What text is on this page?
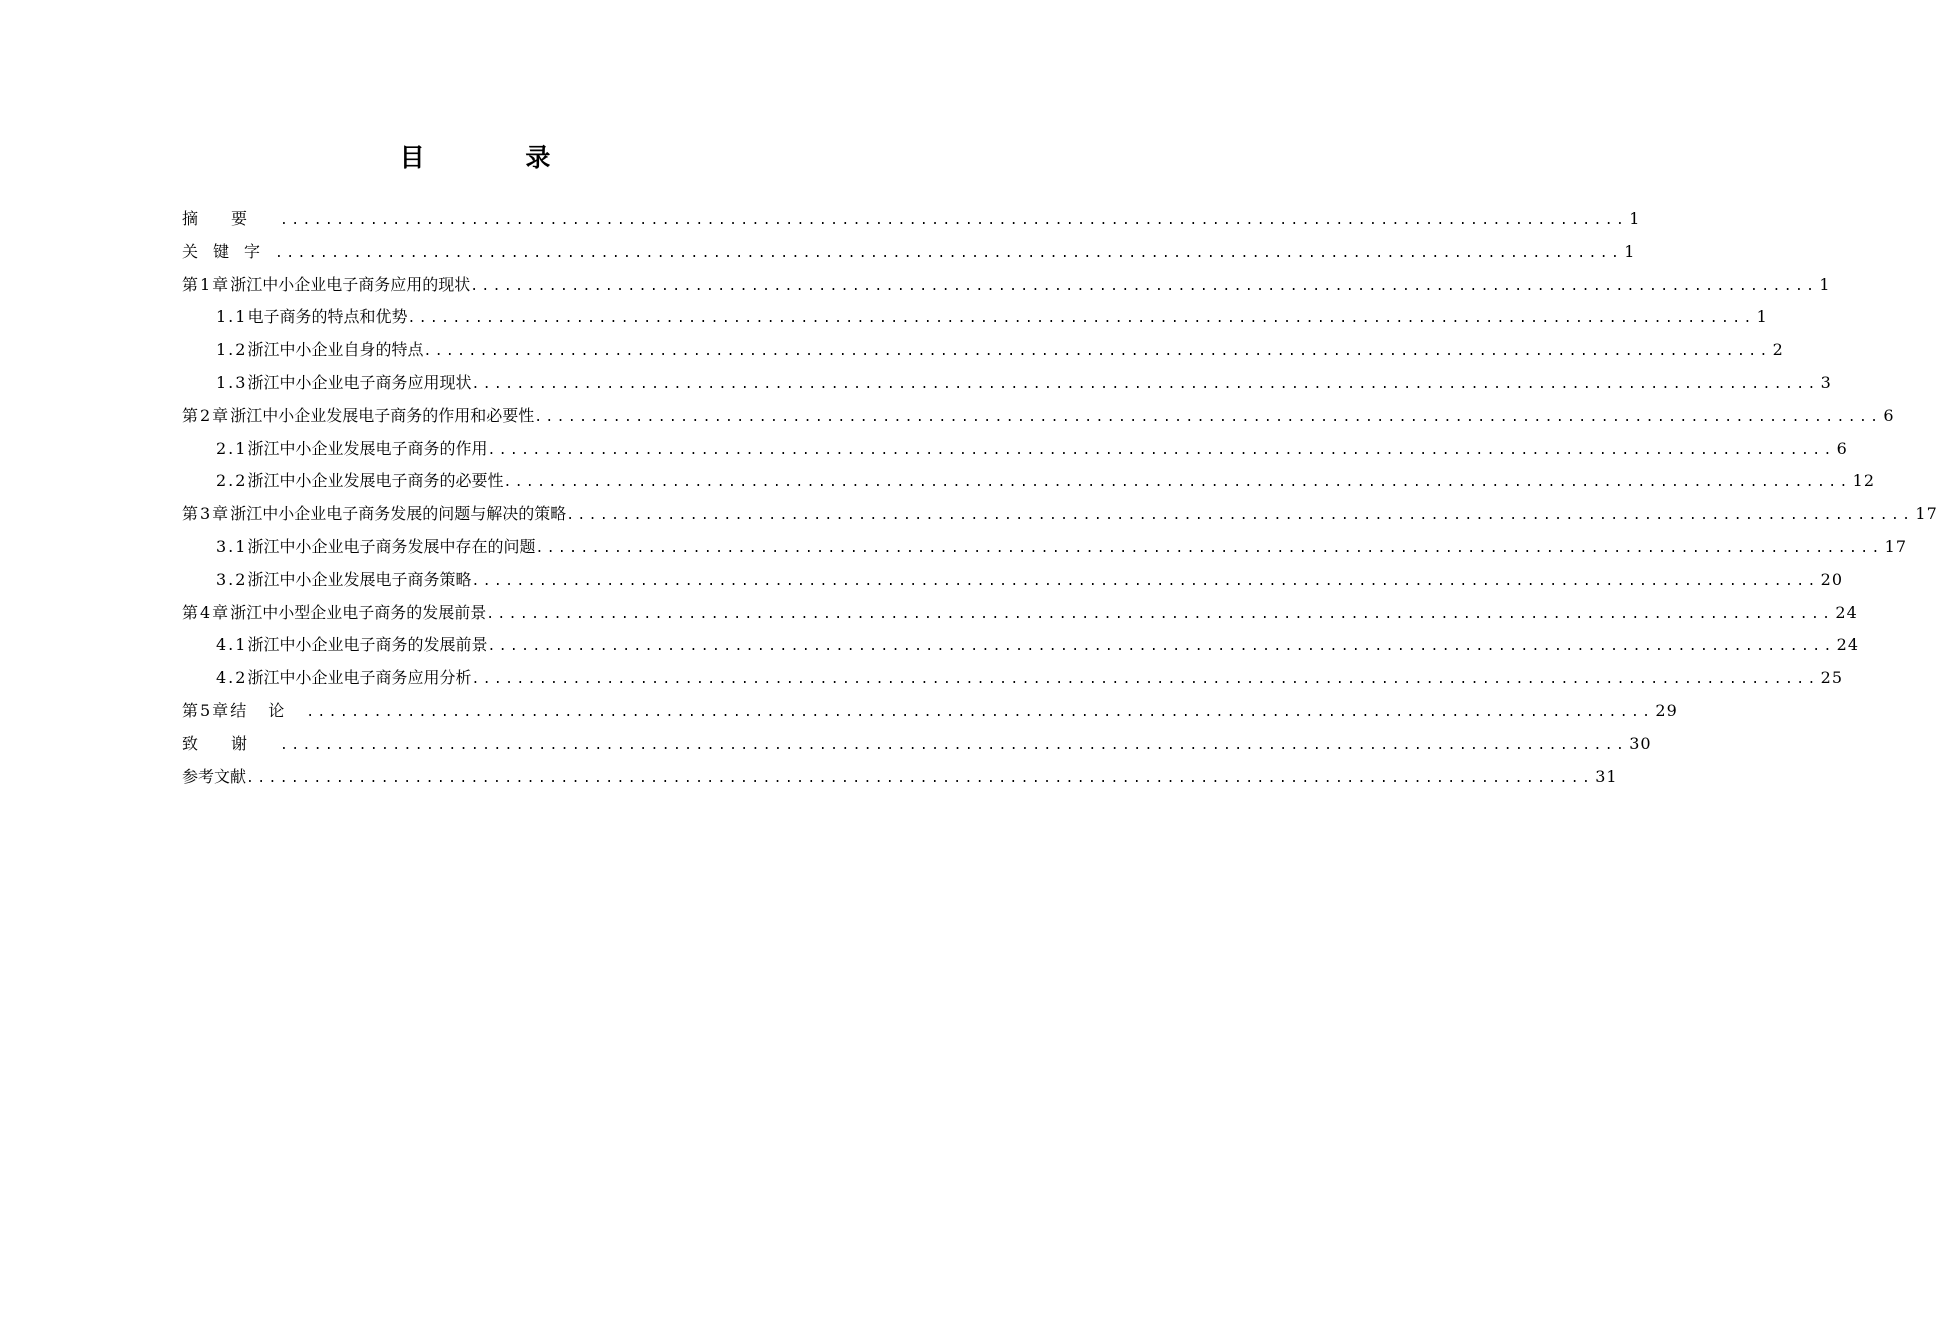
目 录
摘要 ........................................................................................................................ 1
关键字 ........................................................................................................................ 1
第1章 浙江中小企业电子商务应用的现状 ........................................................................................................................ 1
1.1 电子商务的特点和优势 ........................................................................................................................ 1
1.2 浙江中小企业自身的特点 ........................................................................................................................ 2
1.3 浙江中小企业电子商务应用现状 ........................................................................................................................ 3
第2章 浙江中小企业发展电子商务的作用和必要性 ........................................................................................................................ 6
2.1 浙江中小企业发展电子商务的作用 ........................................................................................................................ 6
2.2 浙江中小企业发展电子商务的必要性 ........................................................................................................................ 12
第3章 浙江中小企业电子商务发展的问题与解决的策略 ........................................................................................................................ 17
3.1 浙江中小企业电子商务发展中存在的问题 ........................................................................................................................ 17
3.2 浙江中小企业发展电子商务策略 ........................................................................................................................ 20
第4章 浙江中小型企业电子商务的发展前景 ........................................................................................................................ 24
4.1 浙江中小企业电子商务的发展前景 ........................................................................................................................ 24
4.2 浙江中小企业电子商务应用分析 ........................................................................................................................ 25
第5章 结论 ........................................................................................................................ 29
致谢 ........................................................................................................................ 30
参考文献 ........................................................................................................................ 31
